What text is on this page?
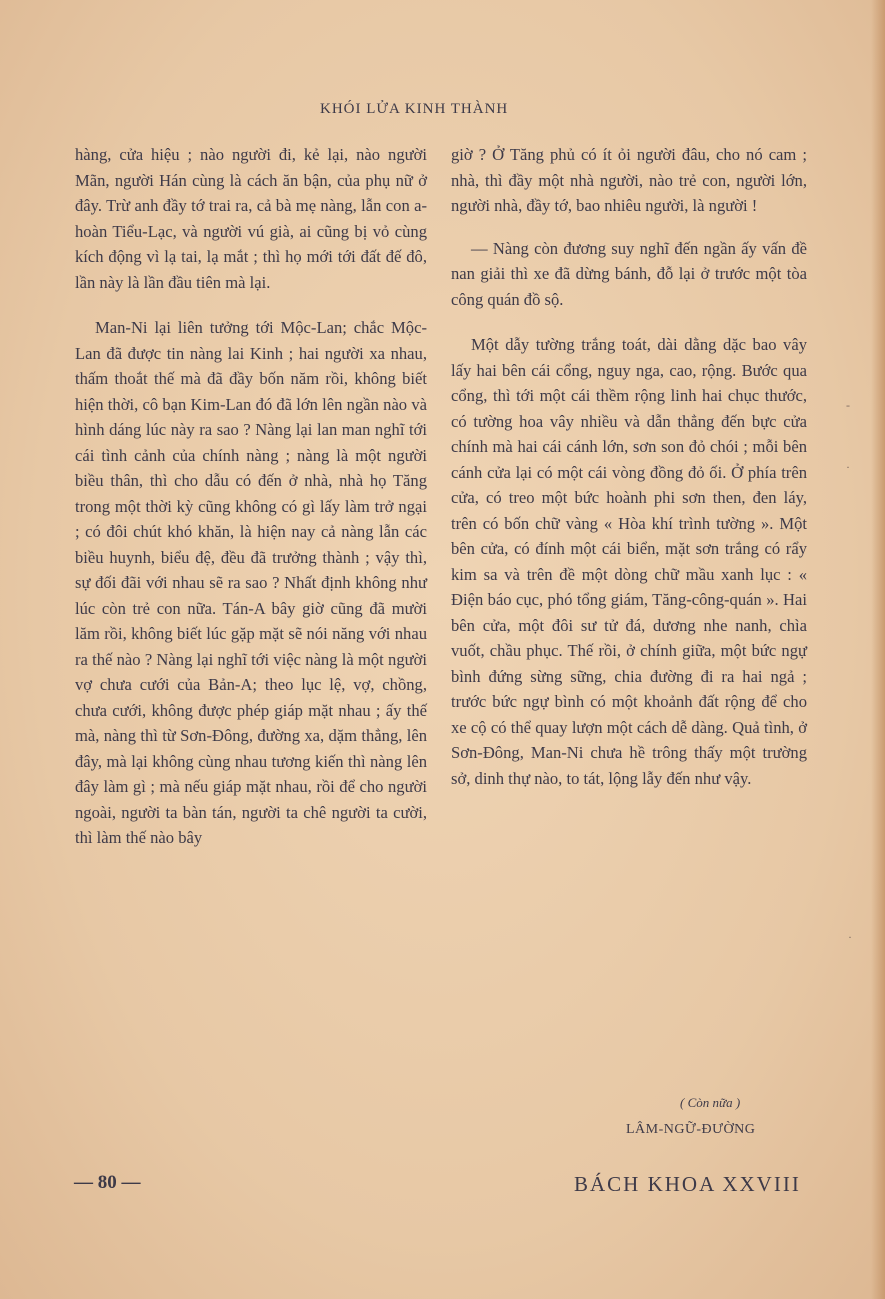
KHÓI LỬA KINH THÀNH

hàng, cửa hiệu ; nào người đi, kẻ lại, nào người Mãn, người Hán cùng là cách ăn bận, của phụ nữ ở đây. Trừ anh đầy tớ trai ra, cả bà mẹ nàng, lẫn con a-hoàn Tiểu-Lạc, và người vú già, ai cũng bị vỏ cùng kích động vì lạ tai, lạ mắt ; thì họ mới tới đất đế đô, lần này là lần đầu tiên mà lại.

Man-Ni lại liên tưởng tới Mộc-Lan; chắc Mộc-Lan đã được tin nàng lai Kinh ; hai người xa nhau, thấm thoắt thế mà đã đầy bốn năm rồi, không biết hiện thời, cô bạn Kim-Lan đó đã lớn lên ngần nào và hình dáng lúc này ra sao ? Nàng lại lan man nghĩ tới cái tình cảnh của chính nàng ; nàng là một người biều thân, thì cho dẫu có đến ở nhà, nhà họ Tăng trong một thời kỳ cũng không có gì lấy làm trở ngại ; có đôi chút khó khăn, là hiện nay cả nàng lẫn các biều huynh, biểu đệ, đều đã trưởng thành ; vậy thì, sự đối đãi với nhau sẽ ra sao ? Nhất định không như lúc còn trẻ con nữa. Tán-A bây giờ cũng đã mười lăm rồi, không biết lúc gặp mặt sẽ nói năng với nhau ra thế nào ? Nàng lại nghĩ tới việc nàng là một người vợ chưa cưới của Bản-A; theo lục lệ, vợ, chồng, chưa cưới, không được phép giáp mặt nhau ; ấy thế mà, nàng thì từ Sơn-Đông, đường xa, dặm thẳng, lên đây, mà lại không cùng nhau tương kiến thì nàng lên đây làm gì ; mà nếu giáp mặt nhau, rồi để cho người ngoài, người ta bàn tán, người ta chê người ta cười, thì làm thế nào bây

giờ ? Ở Tăng phủ có ít ỏi người đâu, cho nó cam ; nhà, thì đầy một nhà người, nào trẻ con, người lớn, người nhà, đầy tớ, bao nhiêu người, là người !

— Nàng còn đương suy nghĩ đến ngần ấy vấn đề nan giải thì xe đã dừng bánh, đỗ lại ở trước một tòa công quán đồ sộ.

Một dẫy tường trắng toát, dài dằng dặc bao vây lấy hai bên cái cổng, nguy nga, cao, rộng. Bước qua cổng, thì tới một cái thềm rộng linh hai chục thước, có tường hoa vây nhiều và dẫn thẳng đến bực cửa chính mà hai cái cánh lớn, sơn son đỏ chói ; mỗi bên cánh cửa lại có một cái vòng đồng đỏ ối. Ở phía trên cửa, có treo một bức hoành phi sơn then, đen láy, trên có bốn chữ vàng « Hòa khí trình tường ». Một bên cửa, có đính một cái biển, mặt sơn trắng có rẩy kim sa và trên đề một dòng chữ mầu xanh lục : « Điện báo cục, phó tổng giám, Tăng-công-quán ». Hai bên cửa, một đôi sư tử đá, dương nhe nanh, chìa vuốt, chầu phục. Thế rồi, ở chính giữa, một bức ngự bình đứng sừng sững, chia đường đi ra hai ngả ; trước bức ngự bình có một khoảnh đất rộng để cho xe cộ có thể quay lượn một cách dễ dàng. Quả tình, ở Sơn-Đông, Man-Ni chưa hề trông thấy một trường sở, dinh thự nào, to tát, lộng lẫy đến như vậy.

( Còn nữa )
LÂM-NGỮ-ĐƯỜNG
— 80 —	BÁCH KHOA XXVIII
-
·
·
